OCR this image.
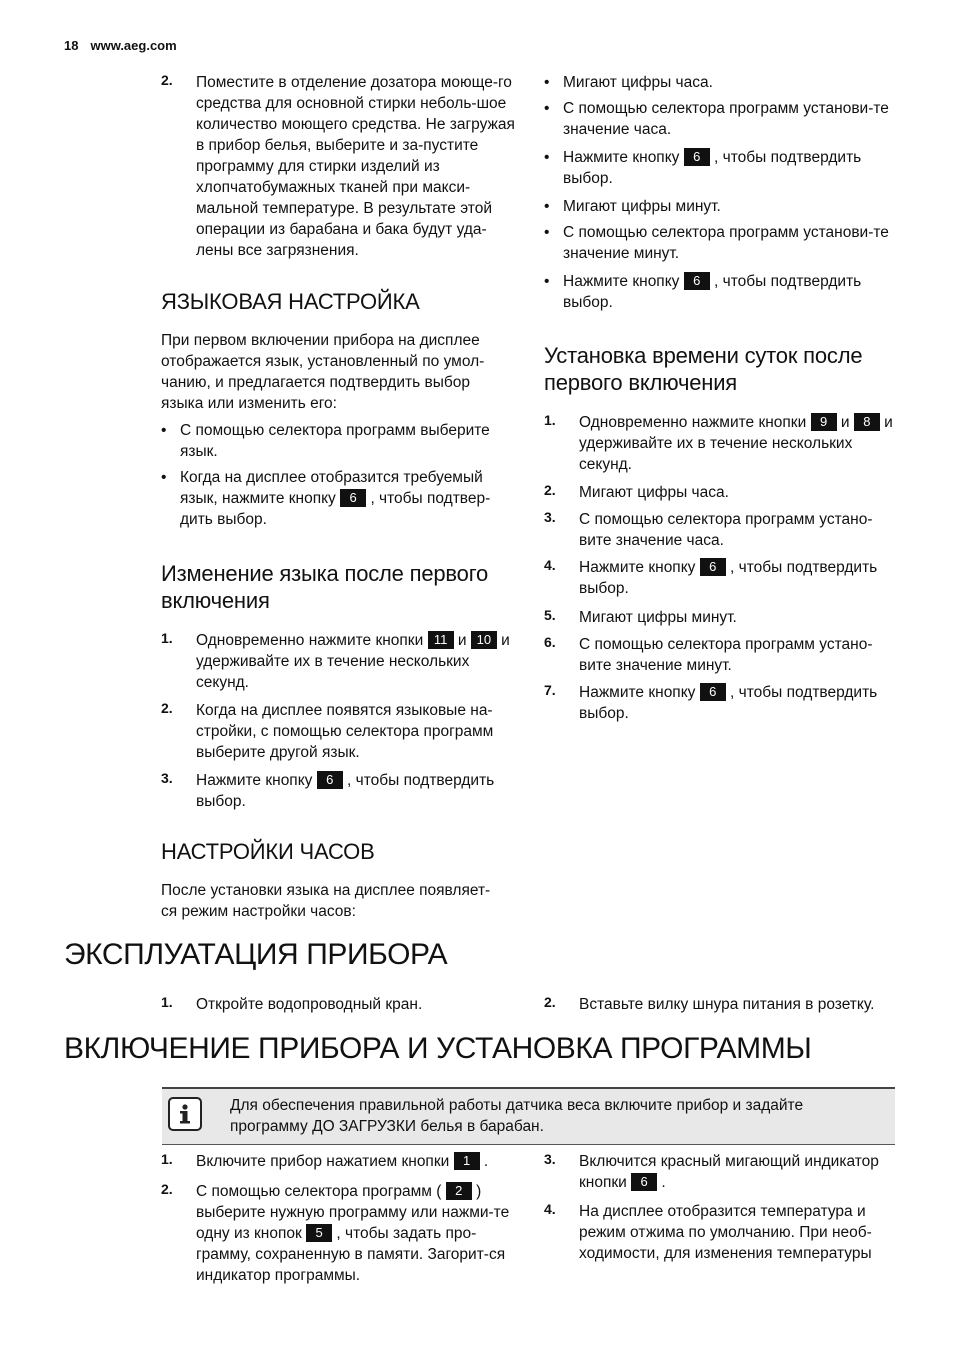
18 www.aeg.com
2. Поместите в отделение дозатора моюще-го средства для основной стирки неболь-шое количество моющего средства. Не загружая в прибор белья, выберите и за-пустите программу для стирки изделий из хлопчатобумажных тканей при макси-мальной температуре. В результате этой операции из барабана и бака будут уда-лены все загрязнения.
ЯЗЫКОВАЯ НАСТРОЙКА

При первом включении прибора на дисплее отображается язык, установленный по умол-чанию, и предлагается подтвердить выбор языка или изменить его:

• С помощью селектора программ выберите язык.
• Когда на дисплее отобразится требуемый язык, нажмите кнопку 6 , чтобы подтвер-дить выбор.
Изменение языка после первого включения
1. Одновременно нажмите кнопки 11 и 10 и удерживайте их в течение нескольких секунд.
2. Когда на дисплее появятся языковые на-стройки, с помощью селектора программ выберите другой язык.
3. Нажмите кнопку 6 , чтобы подтвердить выбор.
НАСТРОЙКИ ЧАСОВ

После установки языка на дисплее появляет-ся режим настройки часов:

• Мигают цифры часа.
• С помощью селектора программ установи-те значение часа.
• Нажмите кнопку 6 , чтобы подтвердить выбор.
• Мигают цифры минут.
• С помощью селектора программ установи-те значение минут.
• Нажмите кнопку 6 , чтобы подтвердить выбор.
Установка времени суток после первого включения
1. Одновременно нажмите кнопки 9 и 8 и удерживайте их в течение нескольких секунд.
2. Мигают цифры часа.
3. С помощью селектора программ устано-вите значение часа.
4. Нажмите кнопку 6 , чтобы подтвердить выбор.
5. Мигают цифры минут.
6. С помощью селектора программ устано-вите значение минут.
7. Нажмите кнопку 6 , чтобы подтвердить выбор.
ЭКСПЛУАТАЦИЯ ПРИБОРА
1. Откройте водопроводный кран.	2. Вставьте вилку шнура питания в розетку.
ВКЛЮЧЕНИЕ ПРИБОРА И УСТАНОВКА ПРОГРАММЫ
Для обеспечения правильной работы датчика веса включите прибор и задайте программу ДО ЗАГРУЗКИ белья в барабан.
1. Включите прибор нажатием кнопки 1 .
2. С помощью селектора программ ( 2 ) выберите нужную программу или нажми-те одну из кнопок 5 , чтобы задать про-грамму, сохраненную в памяти. Загорит-ся индикатор программы.
3. Включится красный мигающий индикатор кнопки 6 .
4. На дисплее отобразится температура и режим отжима по умолчанию. При необ-ходимости, для изменения температуры
